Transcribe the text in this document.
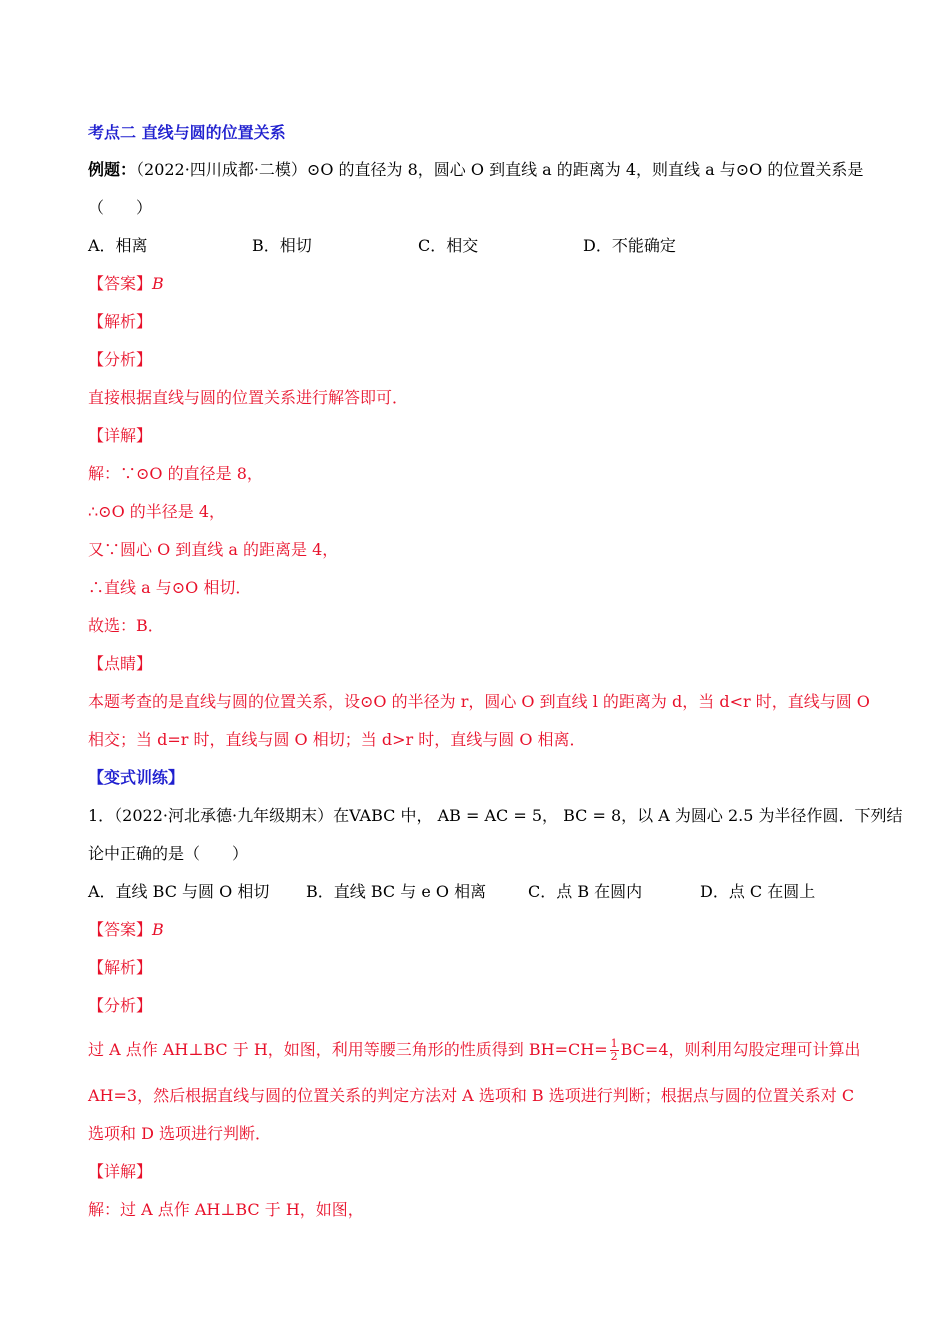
考点二 直线与圆的位置关系
例题：（2022·四川成都·二模）⊙O 的直径为 8，圆心 O 到直线 a 的距离为 4，则直线 a 与⊙O 的位置关系是
（　　）
A．相离	B．相切	C．相交	D．不能确定
【答案】B
【解析】
【分析】
直接根据直线与圆的位置关系进行解答即可．
【详解】
解：∵⊙O 的直径是 8，
∴⊙O 的半径是 4，
又∵圆心 O 到直线 a 的距离是 4，
∴直线 a 与⊙O 相切．
故选：B．
【点睛】
本题考查的是直线与圆的位置关系，设⊙O 的半径为 r，圆心 O 到直线 l 的距离为 d，当 d<r 时，直线与圆 O
相交；当 d=r 时，直线与圆 O 相切；当 d>r 时，直线与圆 O 相离．
【变式训练】
1．（2022·河北承德·九年级期末）在VABC 中， AB = AC = 5， BC = 8，以 A 为圆心 2.5 为半径作圆．下列结
论中正确的是（　　）
A．直线 BC 与圆 O 相切 B．直线 BC 与 e O 相离	C．点 B 在圆内	D．点 C 在圆上
【答案】B
【解析】
【分析】
过 A 点作 AH⊥BC 于 H，如图，利用等腰三角形的性质得到 $BH=CH= \frac{1}{2} BC=4$，则利用勾股定理可计算出
AH=3，然后根据直线与圆的位置关系的判定方法对 A 选项和 B 选项进行判断；根据点与圆的位置关系对 C
选项和 D 选项进行判断．
【详解】
解：过 A 点作 AH⊥BC 于 H，如图，
